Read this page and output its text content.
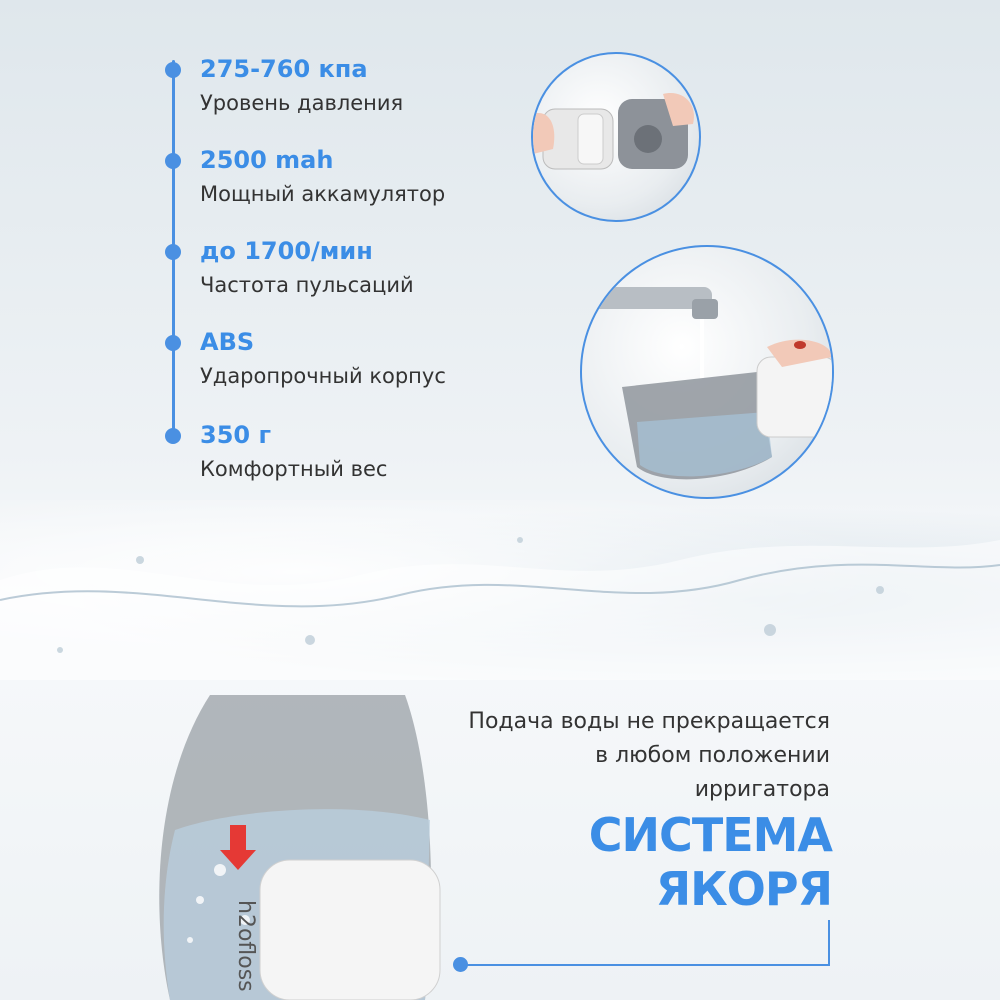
275-760 кпа
Уровень давления
2500 mah
Мощный аккамулятор
до 1700/мин
Частота пульсаций
ABS
Ударопрочный корпус
350 г
Комфортный вес
h2ofloss
Подача воды не прекращается
в любом положении
ирригатора
СИСТЕМА
ЯКОРЯ
